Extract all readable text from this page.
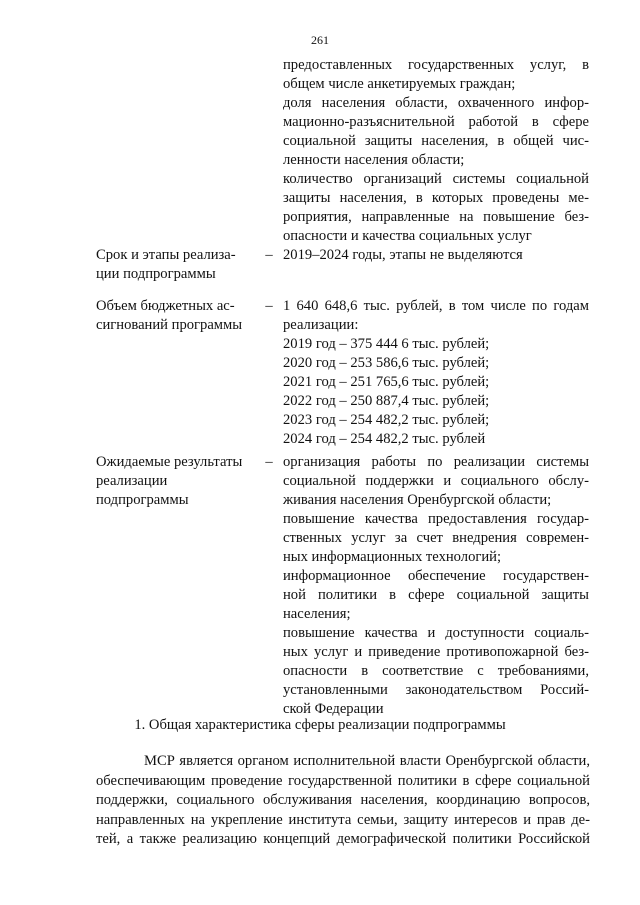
261
предоставленных государственных услуг, в
общем числе анкетируемых граждан;
доля населения области, охваченного инфор-
мационно-разъяснительной работой в сфере
социальной защиты населения, в общей чис-
ленности населения области;
количество организаций системы социальной
защиты населения, в которых проведены ме-
роприятия, направленные на повышение без-
опасности и качества социальных услуг
Срок и этапы реализа-
ции подпрограммы
– 2019–2024 годы, этапы не выделяются
Объем бюджетных ас-
сигнований программы
– 1 640 648,6 тыс. рублей, в том числе по годам
реализации:
2019 год – 375 444 6 тыс. рублей;
2020 год – 253 586,6 тыс. рублей;
2021 год – 251 765,6 тыс. рублей;
2022 год – 250 887,4 тыс. рублей;
2023 год – 254 482,2 тыс. рублей;
2024 год – 254 482,2 тыс. рублей
Ожидаемые результаты
реализации
подпрограммы
– организация работы по реализации системы
социальной поддержки и социального обслу-
живания населения Оренбургской области;
повышение качества предоставления государ-
ственных услуг за счет внедрения современ-
ных информационных технологий;
информационное обеспечение государствен-
ной политики в сфере социальной защиты
населения;
повышение качества и доступности социаль-
ных услуг и приведение противопожарной без-
опасности в соответствие с требованиями,
установленными законодательством Россий-
ской Федерации
1. Общая характеристика сферы реализации подпрограммы
МСР является органом исполнительной власти Оренбургской области,
обеспечивающим проведение государственной политики в сфере социальной
поддержки, социального обслуживания населения, координацию вопросов,
направленных на укрепление института семьи, защиту интересов и прав де-
тей, а также реализацию концепций демографической политики Российской
